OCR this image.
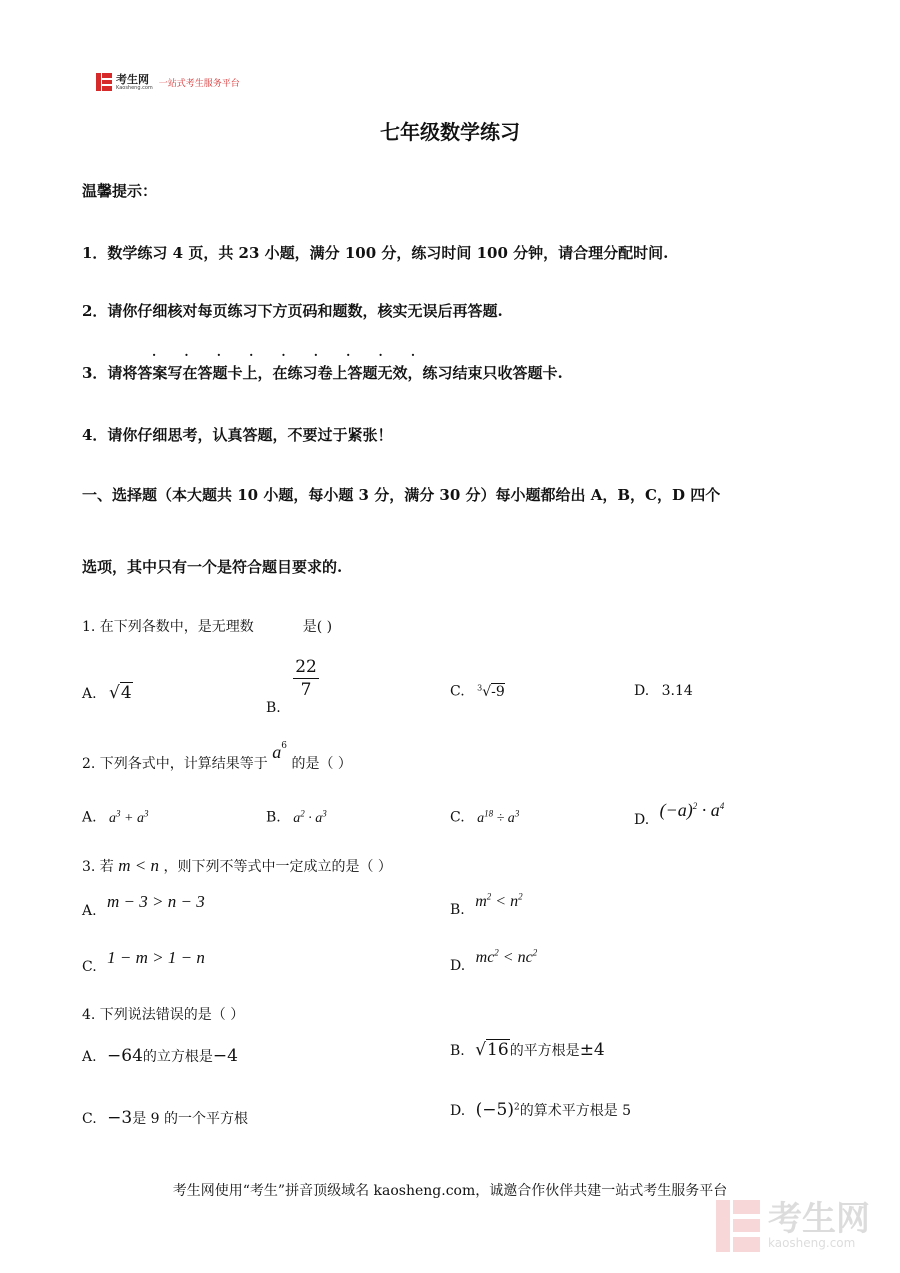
考生网
Kaosheng.com 一站式考生服务平台
七年级数学练习
温馨提示：
1．数学练习 4 页，共 23 小题，满分 100 分，练习时间 100 分钟，请合理分配时间.
2．请你仔细核对每页练习下方页码和题数，核实无误后再答题.
· · · · · · · · ·
3．请将答案写在答题卡上，在练习卷上答题无效，练习结束只收答题卡.
4．请你仔细思考，认真答题，不要过于紧张！
一、选择题（本大题共 10 小题，每小题 3 分，满分 30 分）每小题都给出 A，B，C，D 四个
选项，其中只有一个是符合题目要求的.
1. 在下列各数中，是无理数	是( )
A. √4
B.
$\frac{22}{7}$	C. $^3$√-9	D. 3.14
2. 下列各式中，计算结果等于 $a^6$ 的是（ ）
A. $a^3 + a^3$	B. $a^2 \cdot a^3$	C. $a^{18} \div a^3$	D. $(-a)^2 \cdot a^4$
3. 若 m < n ，则下列不等式中一定成立的是（ ）
A. m − 3 > n − 3	B. $m^2 < n^2$
C. 1 − m > 1 − n	D. $mc^2 < nc^2$
4. 下列说法错误的是（ ）
A. −64的立方根是−4	B. √16的平方根是±4
C. −3是 9 的一个平方根	D. $(-5)^2$的算术平方根是 5
考生网使用“考生”拼音顶级域名 kaosheng.com，诚邀合作伙伴共建一站式考生服务平台
考生网
kaosheng.com
